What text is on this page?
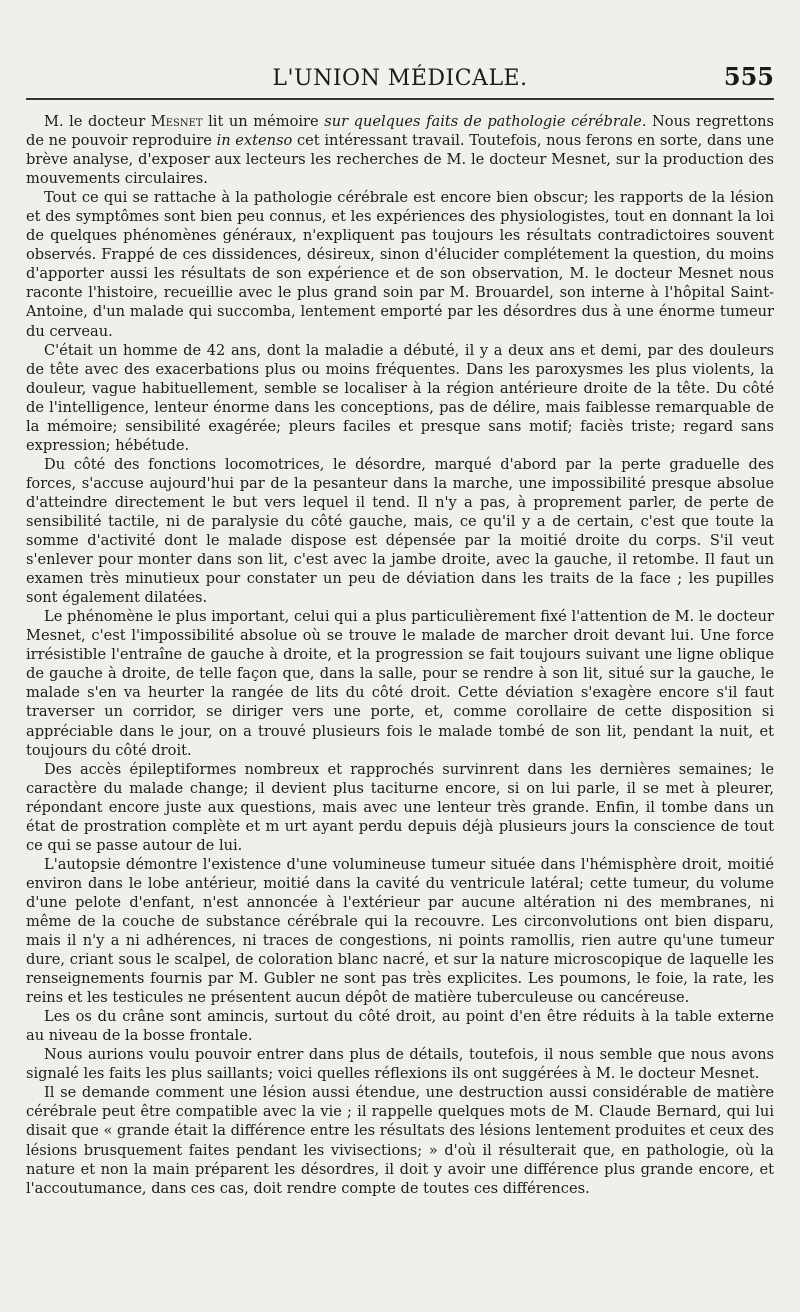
L'UNION MÉDICALE.	555

M. le docteur Mesnet lit un mémoire sur quelques faits de pathologie cérébrale. Nous regrettons de ne pouvoir reproduire in extenso cet intéressant travail. Toutefois, nous ferons en sorte, dans une brève analyse, d'exposer aux lecteurs les recherches de M. le docteur Mesnet, sur la production des mouvements circulaires.

Tout ce qui se rattache à la pathologie cérébrale est encore bien obscur; les rapports de la lésion et des symptômes sont bien peu connus, et les expériences des physiologistes, tout en donnant la loi de quelques phénomènes généraux, n'expliquent pas toujours les résultats contradictoires souvent observés. Frappé de ces dissidences, désireux, sinon d'élucider complétement la question, du moins d'apporter aussi les résultats de son expérience et de son observation, M. le docteur Mesnet nous raconte l'histoire, recueillie avec le plus grand soin par M. Brouardel, son interne à l'hôpital Saint-Antoine, d'un malade qui succomba, lentement emporté par les désordres dus à une énorme tumeur du cerveau.

C'était un homme de 42 ans, dont la maladie a débuté, il y a deux ans et demi, par des douleurs de tête avec des exacerbations plus ou moins fréquentes. Dans les paroxysmes les plus violents, la douleur, vague habituellement, semble se localiser à la région antérieure droite de la tête. Du côté de l'intelligence, lenteur énorme dans les conceptions, pas de délire, mais faiblesse remarquable de la mémoire; sensibilité exagérée; pleurs faciles et presque sans motif; faciès triste; regard sans expression; hébétude.

Du côté des fonctions locomotrices, le désordre, marqué d'abord par la perte graduelle des forces, s'accuse aujourd'hui par de la pesanteur dans la marche, une impossibilité presque absolue d'atteindre directement le but vers lequel il tend. Il n'y a pas, à proprement parler, de perte de sensibilité tactile, ni de paralysie du côté gauche, mais, ce qu'il y a de certain, c'est que toute la somme d'activité dont le malade dispose est dépensée par la moitié droite du corps. S'il veut s'enlever pour monter dans son lit, c'est avec la jambe droite, avec la gauche, il retombe. Il faut un examen très minutieux pour constater un peu de déviation dans les traits de la face ; les pupilles sont également dilatées.

Le phénomène le plus important, celui qui a plus particulièrement fixé l'attention de M. le docteur Mesnet, c'est l'impossibilité absolue où se trouve le malade de marcher droit devant lui. Une force irrésistible l'entraîne de gauche à droite, et la progression se fait toujours suivant une ligne oblique de gauche à droite, de telle façon que, dans la salle, pour se rendre à son lit, situé sur la gauche, le malade s'en va heurter la rangée de lits du côté droit. Cette déviation s'exagère encore s'il faut traverser un corridor, se diriger vers une porte, et, comme corollaire de cette disposition si appréciable dans le jour, on a trouvé plusieurs fois le malade tombé de son lit, pendant la nuit, et toujours du côté droit.

Des accès épileptiformes nombreux et rapprochés survinrent dans les dernières semaines; le caractère du malade change; il devient plus taciturne encore, si on lui parle, il se met à pleurer, répondant encore juste aux questions, mais avec une lenteur très grande. Enfin, il tombe dans un état de prostration complète et m urt ayant perdu depuis déjà plusieurs jours la conscience de tout ce qui se passe autour de lui.

L'autopsie démontre l'existence d'une volumineuse tumeur située dans l'hémisphère droit, moitié environ dans le lobe antérieur, moitié dans la cavité du ventricule latéral; cette tumeur, du volume d'une pelote d'enfant, n'est annoncée à l'extérieur par aucune altération ni des membranes, ni même de la couche de substance cérébrale qui la recouvre. Les circonvolutions ont bien disparu, mais il n'y a ni adhérences, ni traces de congestions, ni points ramollis, rien autre qu'une tumeur dure, criant sous le scalpel, de coloration blanc nacré, et sur la nature microscopique de laquelle les renseignements fournis par M. Gubler ne sont pas très explicites. Les poumons, le foie, la rate, les reins et les testicules ne présentent aucun dépôt de matière tuberculeuse ou cancéreuse.

Les os du crâne sont amincis, surtout du côté droit, au point d'en être réduits à la table externe au niveau de la bosse frontale.

Nous aurions voulu pouvoir entrer dans plus de détails, toutefois, il nous semble que nous avons signalé les faits les plus saillants; voici quelles réflexions ils ont suggérées à M. le docteur Mesnet.

Il se demande comment une lésion aussi étendue, une destruction aussi considérable de matière cérébrale peut être compatible avec la vie ; il rappelle quelques mots de M. Claude Bernard, qui lui disait que « grande était la différence entre les résultats des lésions lentement produites et ceux des lésions brusquement faites pendant les vivisections; » d'où il résulterait que, en pathologie, où la nature et non la main préparent les désordres, il doit y avoir une différence plus grande encore, et l'accoutumance, dans ces cas, doit rendre compte de toutes ces différences.
